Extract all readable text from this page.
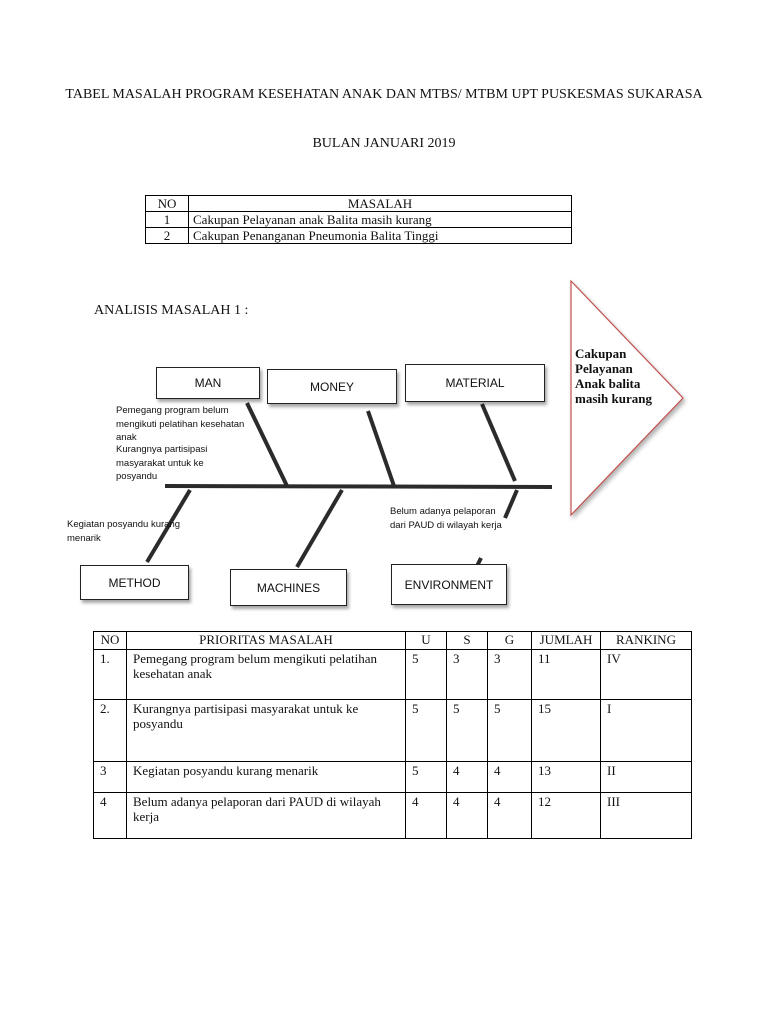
TABEL MASALAH PROGRAM KESEHATAN ANAK DAN MTBS/ MTBM UPT PUSKESMAS SUKARASA
BULAN JANUARI 2019
NO	MASALAH
1	Cakupan Pelayanan anak Balita masih kurang
2	Cakupan Penanganan Pneumonia Balita Tinggi
ANALISIS MASALAH 1 :
MAN	MONEY	MATERIAL
METHOD	MACHINES	ENVIRONMENT
Pemegang program belum mengikuti pelatihan kesehatan anak
Kurangnya partisipasi masyarakat untuk ke posyandu
Kegiatan posyandu kurang menarik
Belum adanya pelaporan dari PAUD di wilayah kerja
Cakupan Pelayanan Anak balita masih kurang
NO	PRIORITAS MASALAH	U	S	G	JUMLAH	RANKING
1.	Pemegang program belum mengikuti pelatihan kesehatan anak	5	3	3	11	IV
2.	Kurangnya partisipasi masyarakat untuk ke posyandu	5	5	5	15	I
3	Kegiatan posyandu kurang menarik	5	4	4	13	II
4	Belum adanya pelaporan dari PAUD di wilayah kerja	4	4	4	12	III
